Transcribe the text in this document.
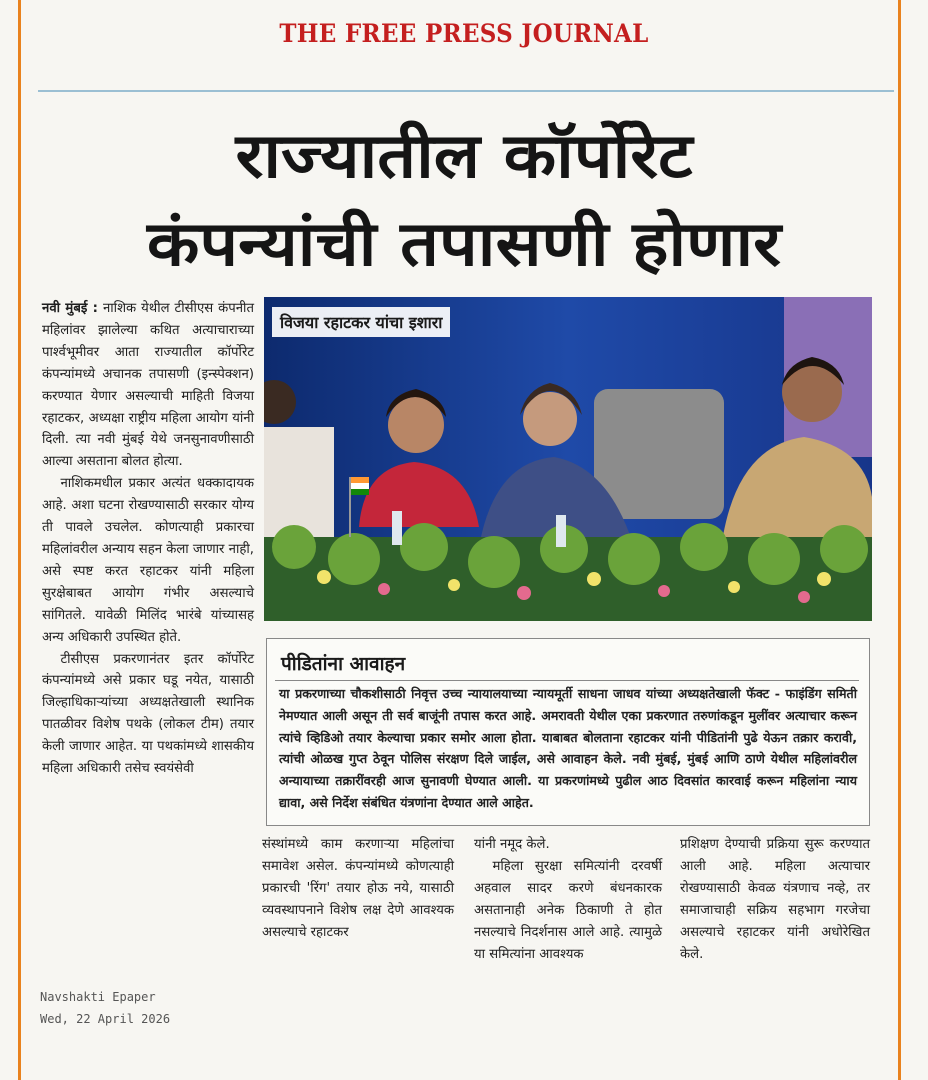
THE FREE PRESS JOURNAL
राज्यातील कॉर्पोरेट
कंपन्यांची तपासणी होणार

नवी मुंबई : नाशिक येथील टीसीएस कंपनीत महिलांवर झालेल्या कथित अत्याचाराच्या पार्श्वभूमीवर आता राज्यातील कॉर्पोरेट कंपन्यांमध्ये अचानक तपासणी (इन्स्पेक्शन) करण्यात येणार असल्याची माहिती विजया रहाटकर, अध्यक्षा राष्ट्रीय महिला आयोग यांनी दिली. त्या नवी मुंबई येथे जनसुनावणीसाठी आल्या असताना बोलत होत्या.

नाशिकमधील प्रकार अत्यंत धक्कादायक आहे. अशा घटना रोखण्यासाठी सरकार योग्य ती पावले उचलेल. कोणत्याही प्रकारचा महिलांवरील अन्याय सहन केला जाणार नाही, असे स्पष्ट करत रहाटकर यांनी महिला सुरक्षेबाबत आयोग गंभीर असल्याचे सांगितले. यावेळी मिलिंद भारंबे यांच्यासह अन्य अधिकारी उपस्थित होते.

टीसीएस प्रकरणानंतर इतर कॉर्पोरेट कंपन्यांमध्ये असे प्रकार घडू नयेत, यासाठी जिल्हाधिकाऱ्यांच्या अध्यक्षतेखाली स्थानिक पातळीवर विशेष पथके (लोकल टीम) तयार केली जाणार आहेत. या पथकांमध्ये शासकीय महिला अधिकारी तसेच स्वयंसेवी

विजया रहाटकर यांचा इशारा
पीडितांना आवाहन
या प्रकरणाच्या चौकशीसाठी निवृत्त उच्च न्यायालयाच्या न्यायमूर्ती साधना जाधव यांच्या अध्यक्षतेखाली फॅक्ट - फाइंडिंग समिती नेमण्यात आली असून ती सर्व बाजूंनी तपास करत आहे. अमरावती येथील एका प्रकरणात तरुणांकडून मुलींवर अत्याचार करून त्यांचे व्हिडिओ तयार केल्याचा प्रकार समोर आला होता. याबाबत बोलताना रहाटकर यांनी पीडितांनी पुढे येऊन तक्रार करावी, त्यांची ओळख गुप्त ठेवून पोलिस संरक्षण दिले जाईल, असे आवाहन केले. नवी मुंबई, मुंबई आणि ठाणे येथील महिलांवरील अन्यायाच्या तक्रारींवरही आज सुनावणी घेण्यात आली. या प्रकरणांमध्ये पुढील आठ दिवसांत कारवाई करून महिलांना न्याय द्यावा, असे निर्देश संबंधित यंत्रणांना देण्यात आले आहेत.

संस्थांमध्ये काम करणाऱ्या महिलांचा समावेश असेल. कंपन्यांमध्ये कोणत्याही प्रकारची 'रिंग' तयार होऊ नये, यासाठी व्यवस्थापनाने विशेष लक्ष देणे आवश्यक असल्याचे रहाटकर

यांनी नमूद केले.

महिला सुरक्षा समित्यांनी दरवर्षी अहवाल सादर करणे बंधनकारक असतानाही अनेक ठिकाणी ते होत नसल्याचे निदर्शनास आले आहे. त्यामुळे या समित्यांना आवश्यक

प्रशिक्षण देण्याची प्रक्रिया सुरू करण्यात आली आहे. महिला अत्याचार रोखण्यासाठी केवळ यंत्रणाच नव्हे, तर समाजाचाही सक्रिय सहभाग गरजेचा असल्याचे रहाटकर यांनी अधोरेखित केले.

Navshakti Epaper
Wed, 22 April 2026
